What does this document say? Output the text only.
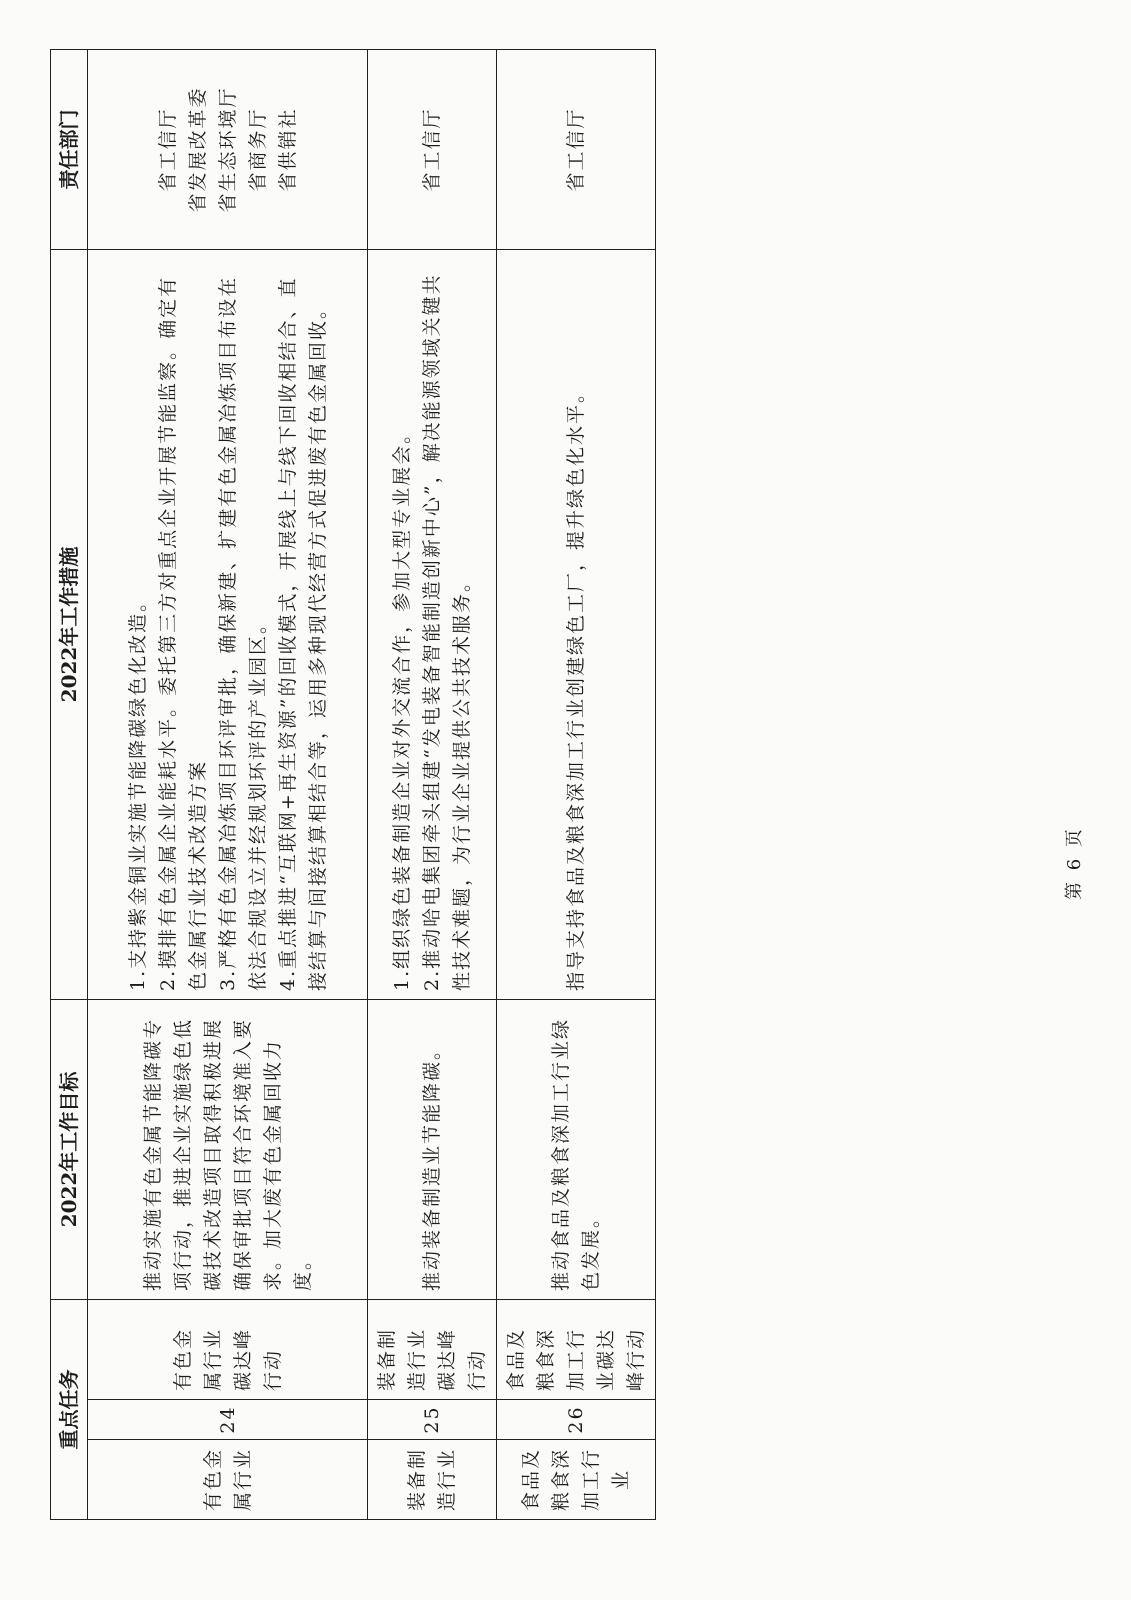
重点任务			2022年工作目标	2022年工作措施	责任部门
有色金属行业	24	有色金属行业碳达峰行动	推动实施有色金属节能降碳专项行动，推进企业实施绿色低碳技术改造项目取得积极进展确保审批项目符合环境准入要求。加大废有色金属回收力度。	1.支持紫金铜业实施节能降碳绿色化改造。 2.摸排有色金属企业能耗水平。委托第三方对重点企业开展节能监察。确定有色金属行业技术改造方案 3.严格有色金属冶炼项目环评审批，确保新建、扩建有色金属冶炼项目布设在依法合规设立并经规划环评的产业园区。 4.重点推进“互联网+再生资源”的回收模式，开展线上与线下回收相结合、直接结算与间接结算相结合等，运用多种现代经营方式促进废有色金属回收。	省工信厅 省发展改革委 省生态环境厅 省商务厅 省供销社

装备制造行业	25	装备制造行业碳达峰行动	推动装备制造业节能降碳。	1.组织绿色装备制造企业对外交流合作，参加大型专业展会。 2.推动哈电集团牵头组建“发电装备智能制造创新中心”，解决能源领域关键共性技术难题，为行业企业提供公共技术服务。	省工信厅

食品及粮食深加工行业	26	食品及粮食深加工行业碳达峰行动	推动食品及粮食深加工行业绿色发展。	指导支持食品及粮食深加工行业创建绿色工厂，提升绿色化水平。	省工信厅
第 6 页
